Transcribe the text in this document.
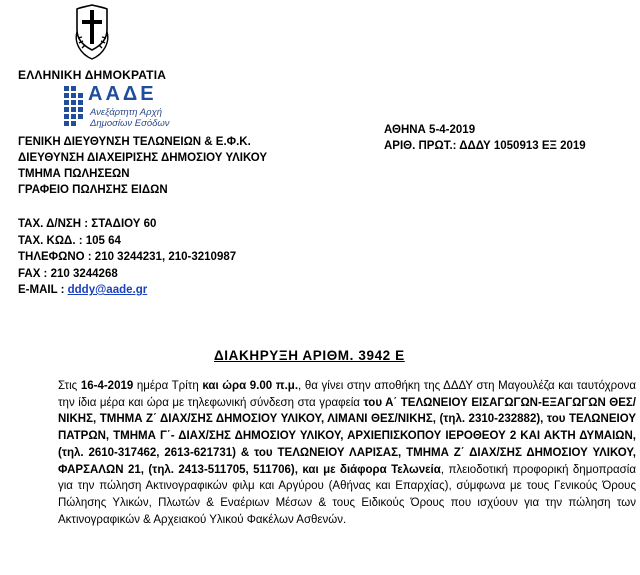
ΕΛΛΗΝΙΚΗ ΔΗΜΟΚΡΑΤΙΑ
ΑΑΔΕ
Ανεξάρτητη Αρχή
Δημοσίων Εσόδων
ΓΕΝΙΚΗ ΔΙΕΥΘΥΝΣΗ ΤΕΛΩΝΕΙΩΝ & Ε.Φ.Κ.
ΔΙΕΥΘΥΝΣΗ ΔΙΑΧΕΙΡΙΣΗΣ ΔΗΜΟΣΙΟΥ ΥΛΙΚΟΥ
ΤΜΗΜΑ ΠΩΛΗΣΕΩΝ
ΓΡΑΦΕΙΟ ΠΩΛΗΣΗΣ ΕΙΔΩΝ
ΑΘΗΝΑ 5-4-2019
ΑΡΙΘ. ΠΡΩΤ.: ΔΔΔΥ 1050913 ΕΞ 2019
ΤΑΧ. Δ/ΝΣΗ : ΣΤΑΔΙΟΥ 60
ΤΑΧ. ΚΩΔ. : 105 64
ΤΗΛΕΦΩΝΟ : 210 3244231, 210-3210987
FAX : 210 3244268
E-MAIL : dddy@aade.gr
ΔΙΑΚΗΡΥΞΗ ΑΡΙΘΜ. 3942 Ε

Στις 16-4-2019 ημέρα Τρίτη και ώρα 9.00 π.μ., θα γίνει στην αποθήκη της ΔΔΔΥ στη Μαγουλέζα και ταυτόχρονα την ίδια μέρα και ώρα με τηλεφωνική σύνδεση στα γραφεία του Α΄ ΤΕΛΩΝΕΙΟΥ ΕΙΣΑΓΩΓΩΝ-ΕΞΑΓΩΓΩΝ ΘΕΣ/ΝΙΚΗΣ, ΤΜΗΜΑ Ζ΄ ΔΙΑΧ/ΣΗΣ ΔΗΜΟΣΙΟΥ ΥΛΙΚΟΥ, ΛΙΜΑΝΙ ΘΕΣ/ΝΙΚΗΣ, (τηλ. 2310-232882), του ΤΕΛΩΝΕΙΟΥ ΠΑΤΡΩΝ, ΤΜΗΜΑ Γ΄- ΔΙΑΧ/ΣΗΣ ΔΗΜΟΣΙΟΥ ΥΛΙΚΟΥ, ΑΡΧΙΕΠΙΣΚΟΠΟΥ ΙΕΡΟΘΕΟΥ 2 ΚΑΙ ΑΚΤΗ ΔΥΜΑΙΩΝ, (τηλ. 2610-317462, 2613-621731) & του ΤΕΛΩΝΕΙΟΥ ΛΑΡΙΣΑΣ, ΤΜΗΜΑ Ζ΄ ΔΙΑΧ/ΣΗΣ ΔΗΜΟΣΙΟΥ ΥΛΙΚΟΥ, ΦΑΡΣΑΛΩΝ 21, (τηλ. 2413-511705, 511706), και με διάφορα Τελωνεία, πλειοδοτική προφορική δημοπρασία για την πώληση Ακτινογραφικών φιλμ και Αργύρου (Αθήνας και Επαρχίας), σύμφωνα με τους Γενικούς Όρους Πώλησης Υλικών, Πλωτών & Εναέριων Μέσων & τους Ειδικούς Όρους που ισχύουν για την πώληση των Ακτινογραφικών & Αρχειακού Υλικού Φακέλων Ασθενών.
